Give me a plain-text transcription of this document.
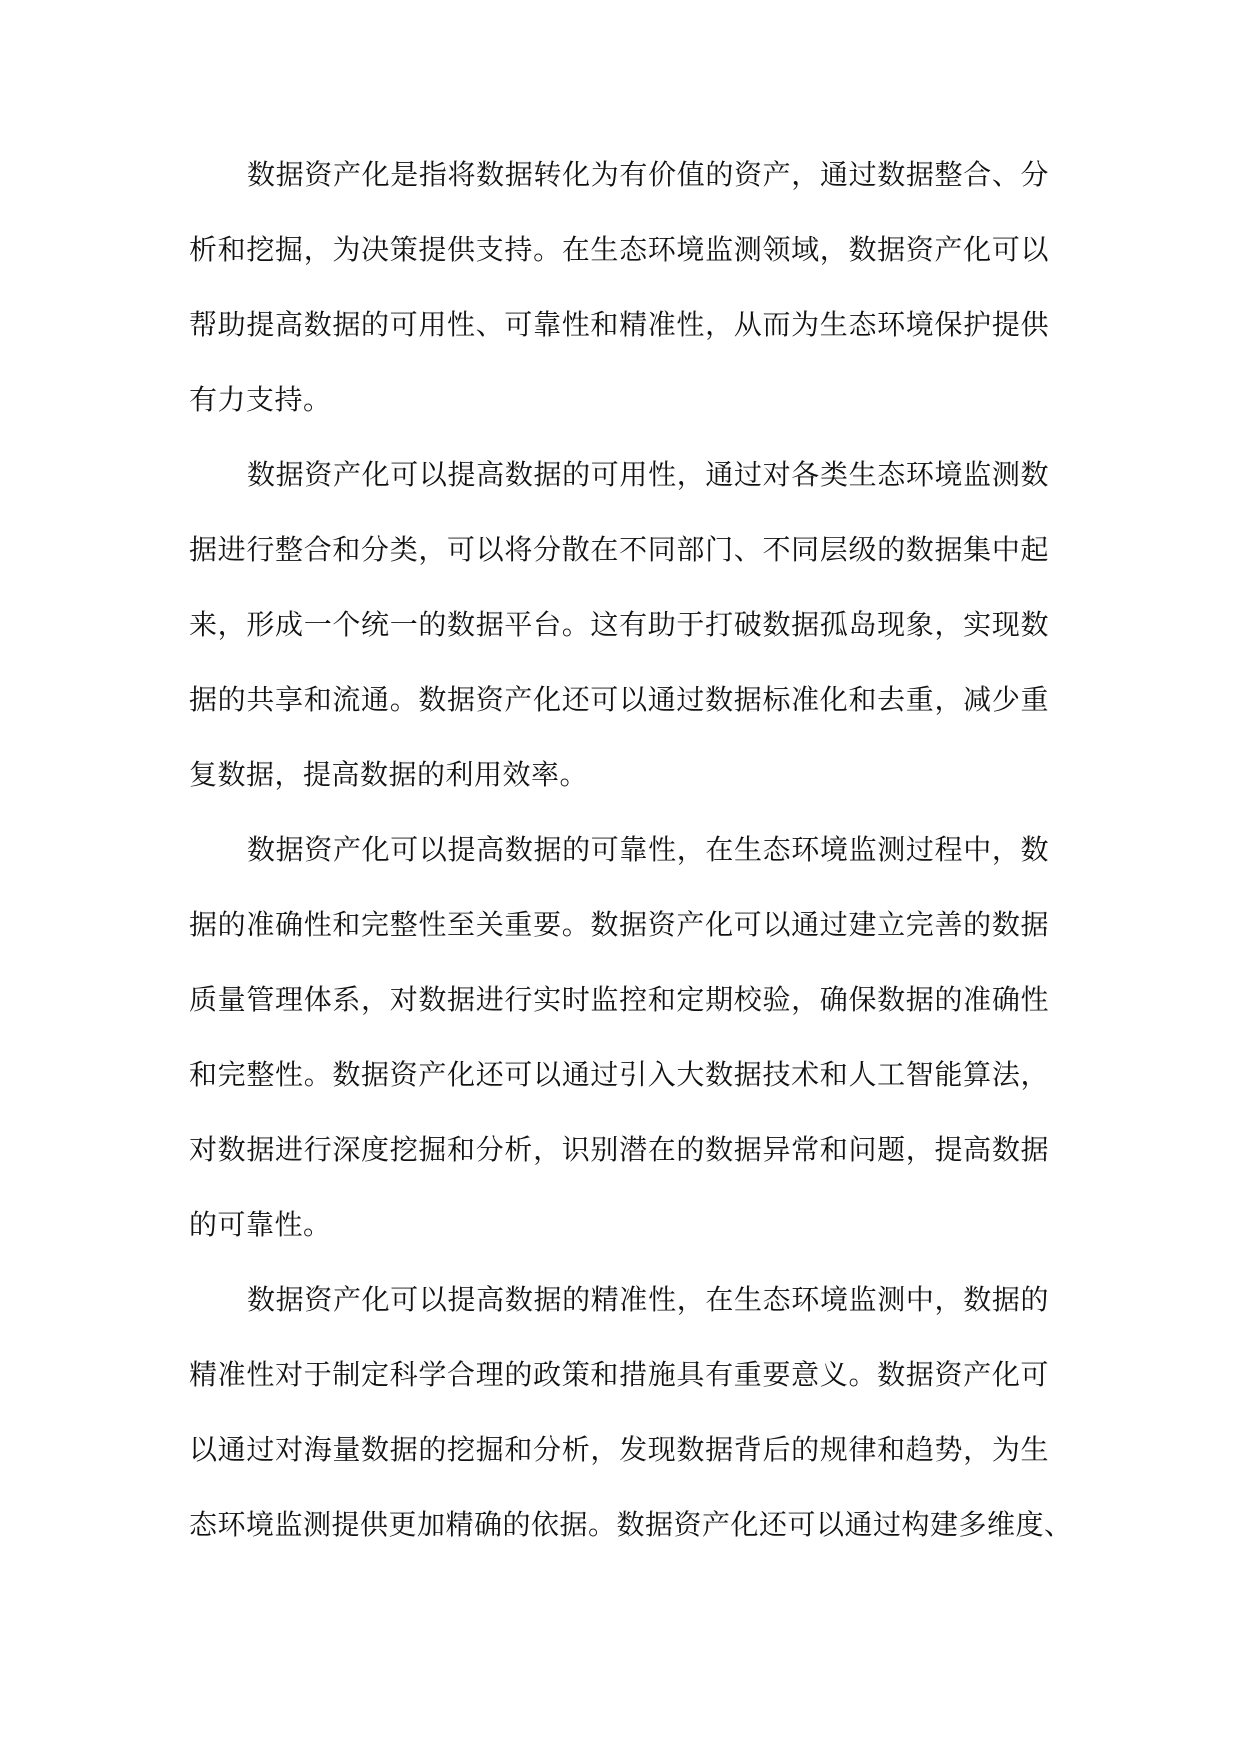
数据资产化是指将数据转化为有价值的资产，通过数据整合、分
析和挖掘，为决策提供支持。在生态环境监测领域，数据资产化可以
帮助提高数据的可用性、可靠性和精准性，从而为生态环境保护提供
有力支持。
数据资产化可以提高数据的可用性，通过对各类生态环境监测数
据进行整合和分类，可以将分散在不同部门、不同层级的数据集中起
来，形成一个统一的数据平台。这有助于打破数据孤岛现象，实现数
据的共享和流通。数据资产化还可以通过数据标准化和去重，减少重
复数据，提高数据的利用效率。
数据资产化可以提高数据的可靠性，在生态环境监测过程中，数
据的准确性和完整性至关重要。数据资产化可以通过建立完善的数据
质量管理体系，对数据进行实时监控和定期校验，确保数据的准确性
和完整性。数据资产化还可以通过引入大数据技术和人工智能算法，
对数据进行深度挖掘和分析，识别潜在的数据异常和问题，提高数据
的可靠性。
数据资产化可以提高数据的精准性，在生态环境监测中，数据的
精准性对于制定科学合理的政策和措施具有重要意义。数据资产化可
以通过对海量数据的挖掘和分析，发现数据背后的规律和趋势，为生
态环境监测提供更加精确的依据。数据资产化还可以通过构建多维度、
